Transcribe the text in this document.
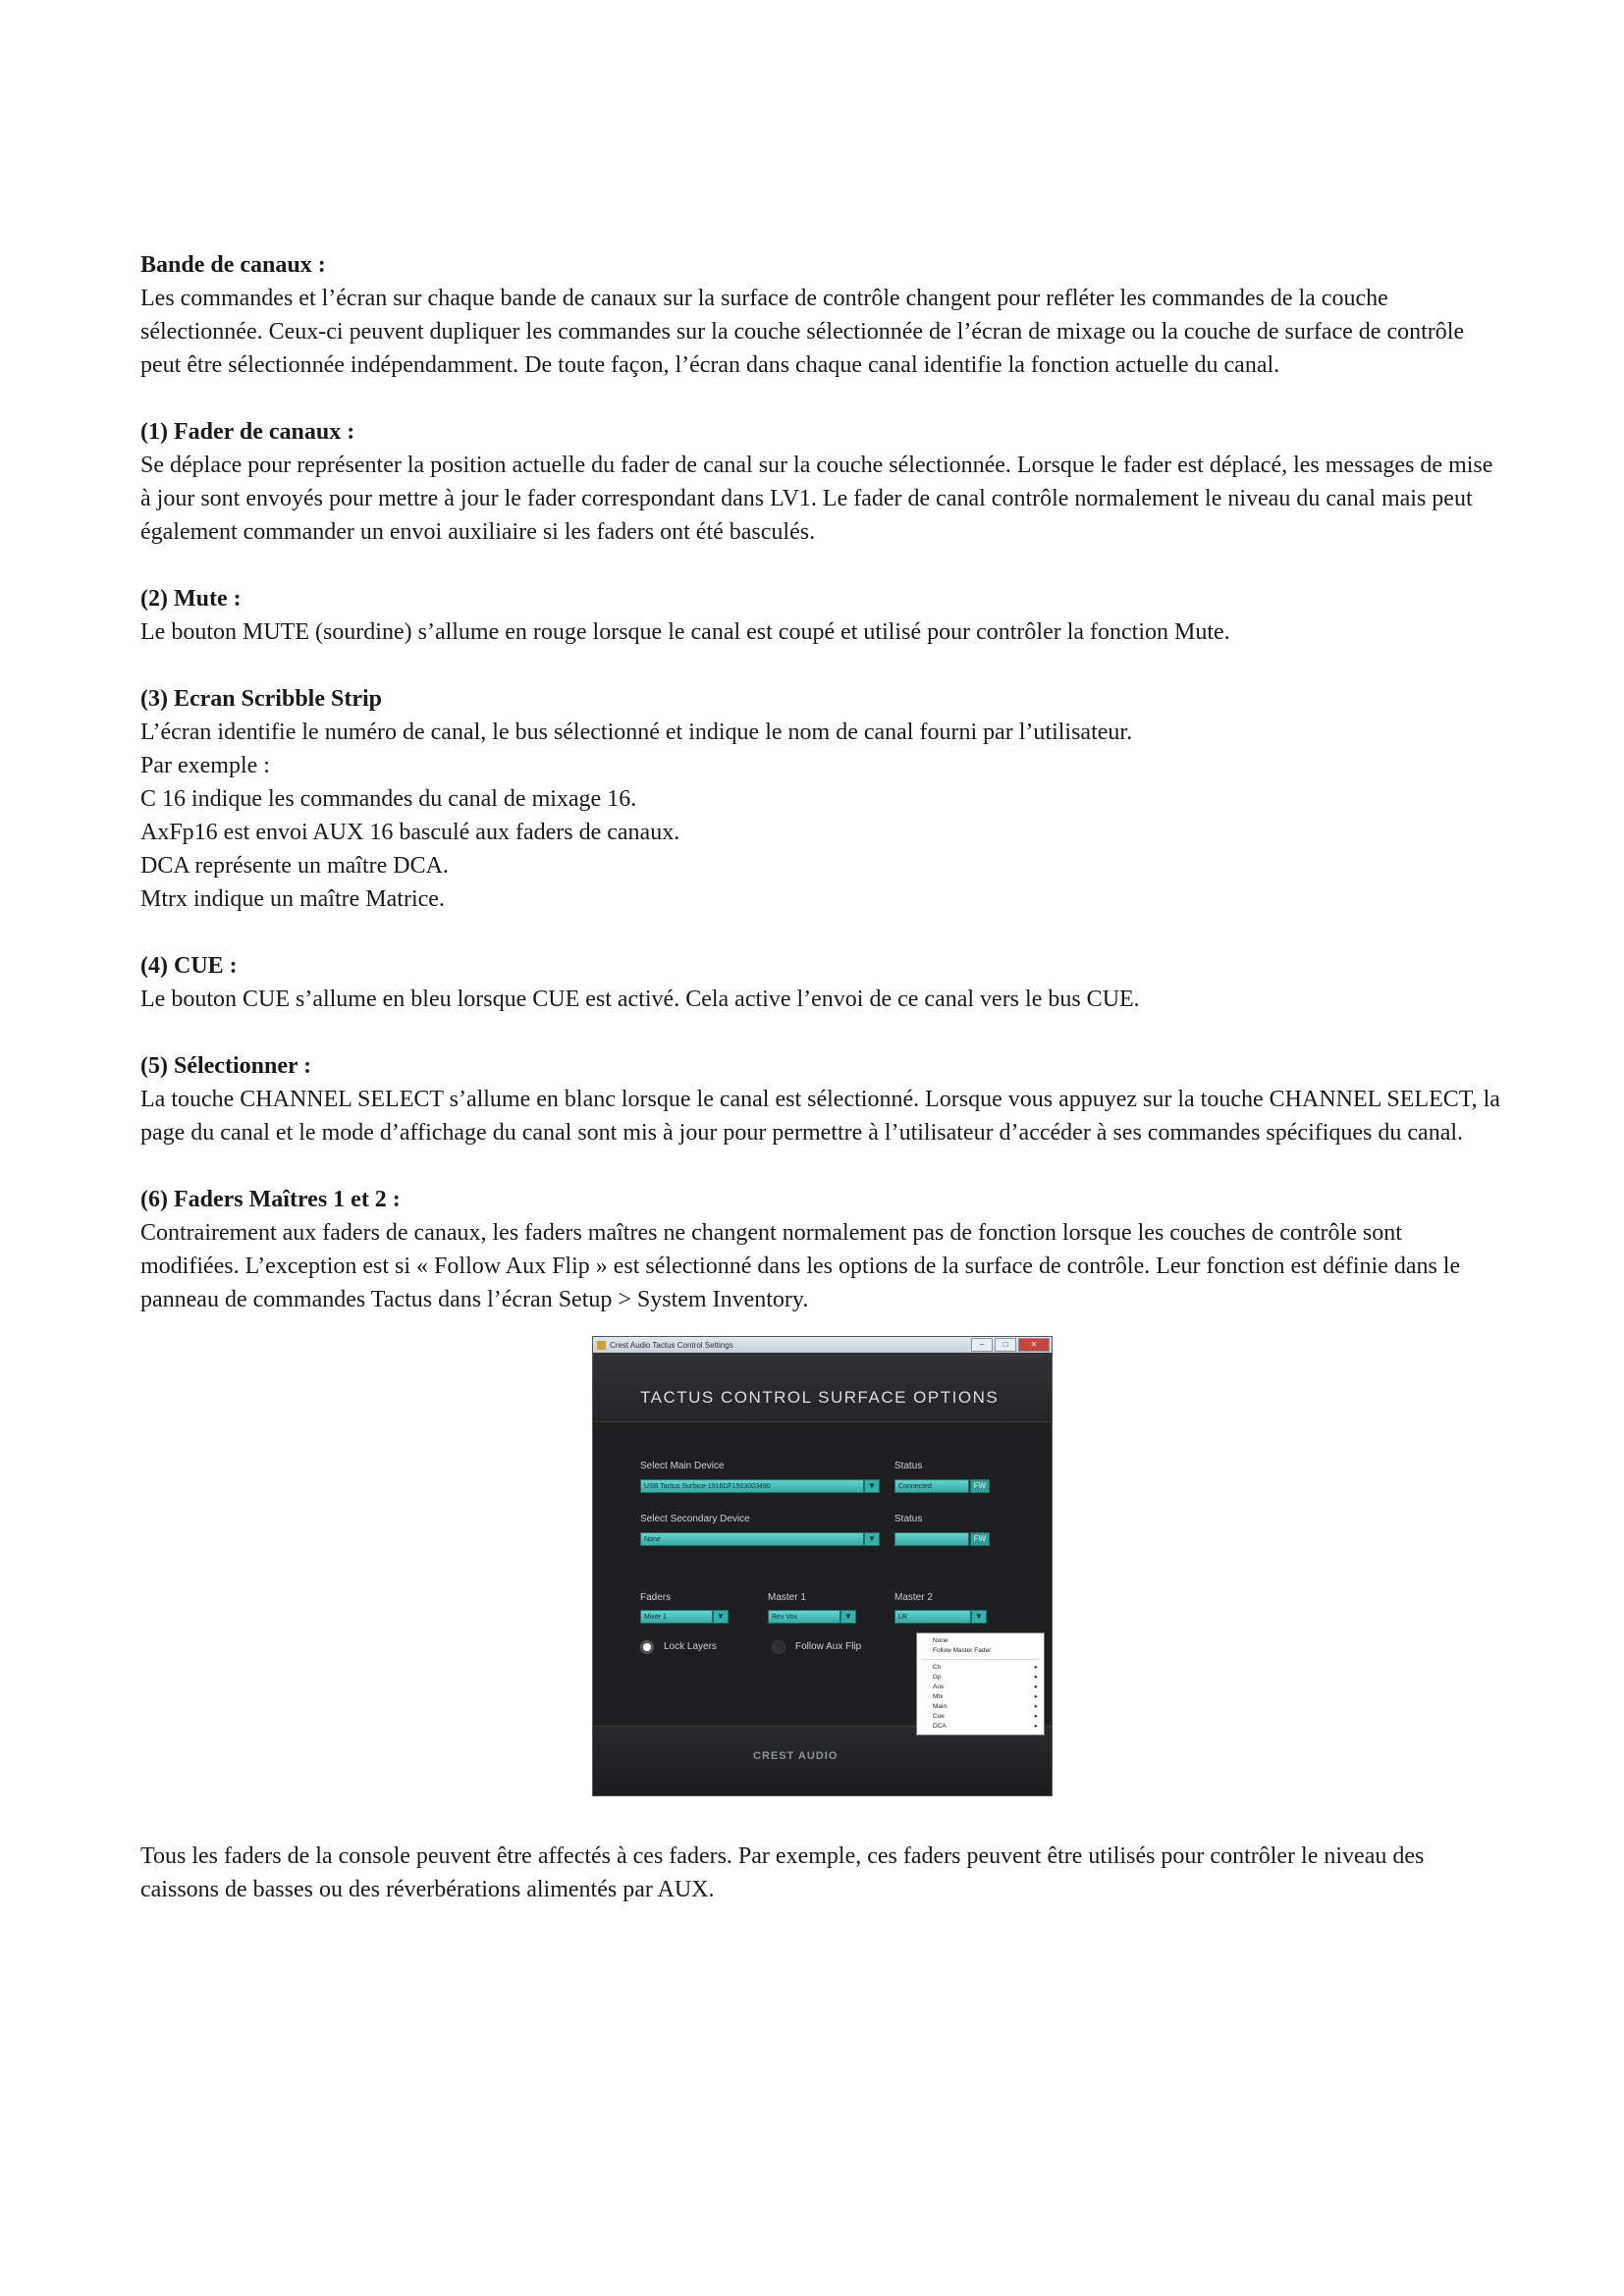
Bande de canaux :

Les commandes et l’écran sur chaque bande de canaux sur la surface de contrôle changent pour refléter les commandes de la couche sélectionnée. Ceux-ci peuvent dupliquer les commandes sur la couche sélectionnée de l’écran de mixage ou la couche de surface de contrôle peut être sélectionnée indépendamment. De toute façon, l’écran dans chaque canal identifie la fonction actuelle du canal.

(1) Fader de canaux :

Se déplace pour représenter la position actuelle du fader de canal sur la couche sélectionnée. Lorsque le fader est déplacé, les messages de mise à jour sont envoyés pour mettre à jour le fader correspondant dans LV1. Le fader de canal contrôle normalement le niveau du canal mais peut également commander un envoi auxiliaire si les faders ont été basculés.

(2) Mute :

Le bouton MUTE (sourdine) s’allume en rouge lorsque le canal est coupé et utilisé pour contrôler la fonction Mute.

(3) Ecran Scribble Strip
L’écran identifie le numéro de canal, le bus sélectionné et indique le nom de canal fourni par l’utilisateur.
Par exemple :
C 16 indique les commandes du canal de mixage 16.
AxFp16 est envoi AUX 16 basculé aux faders de canaux.
DCA représente un maître DCA.
Mtrx indique un maître Matrice.
(4) CUE :

Le bouton CUE s’allume en bleu lorsque CUE est activé. Cela active l’envoi de ce canal vers le bus CUE.

(5) Sélectionner :

La touche CHANNEL SELECT s’allume en blanc lorsque le canal est sélectionné. Lorsque vous appuyez sur la touche CHANNEL SELECT, la page du canal et le mode d’affichage du canal sont mis à jour pour permettre à l’utilisateur d’accéder à ses commandes spécifiques du canal.

(6) Faders Maîtres 1 et 2 :

Contrairement aux faders de canaux, les faders maîtres ne changent normalement pas de fonction lorsque les couches de contrôle sont modifiées. L’exception est si « Follow Aux Flip » est sélectionné dans les options de la surface de contrôle. Leur fonction est définie dans le panneau de commandes Tactus dans l’écran Setup > System Inventory.

Crest Audio Tactus Control Settings	–	□	✕
TACTUS CONTROL SURFACE OPTIONS
Select Main Device
USB Tactus Surface-1916DF1503003490	▼
Status
Connected	FW
Select Secondary Device
None	▼
Status
FW
Faders
Mixer 1	▼
Master 1
Rev Vox	▼
Master 2
LR	▼
Lock Layers	Follow Aux Flip
CREST AUDIO
None
Follow Master Fader
Ch	▸
Gp	▸
Aux	▸
Mtx	▸
Main	▸
Cue	▸
DCA	▸

Tous les faders de la console peuvent être affectés à ces faders. Par exemple, ces faders peuvent être utilisés pour contrôler le niveau des caissons de basses ou des réverbérations alimentés par AUX.
